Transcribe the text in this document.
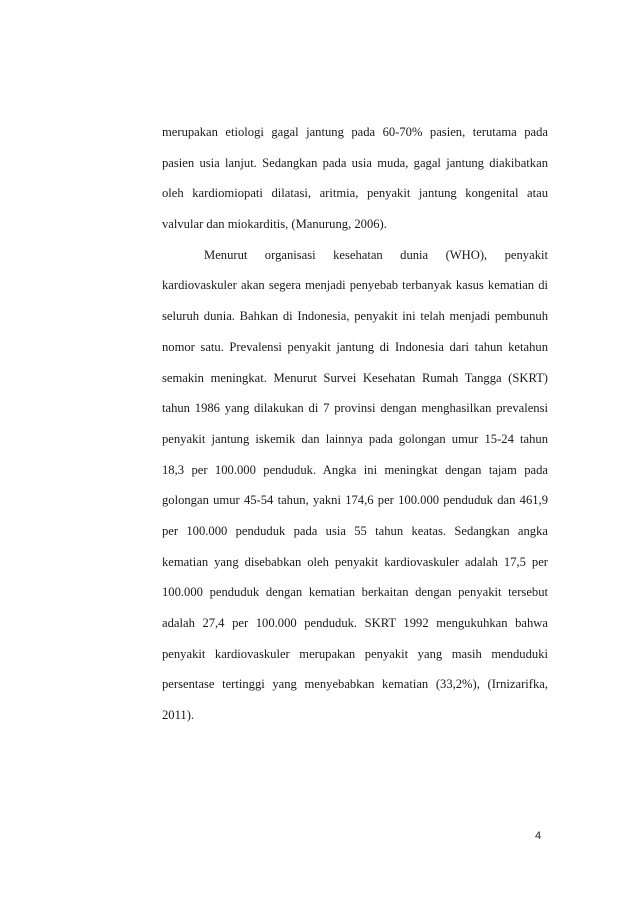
merupakan etiologi gagal jantung pada 60-70% pasien, terutama pada
pasien usia lanjut. Sedangkan pada usia muda, gagal jantung diakibatkan
oleh kardiomiopati dilatasi, aritmia, penyakit jantung kongenital atau
valvular dan miokarditis, (Manurung, 2006).
Menurut organisasi kesehatan dunia (WHO), penyakit
kardiovaskuler akan segera menjadi penyebab terbanyak kasus kematian di
seluruh dunia. Bahkan di Indonesia, penyakit ini telah menjadi pembunuh
nomor satu. Prevalensi penyakit jantung di Indonesia dari tahun ketahun
semakin meningkat. Menurut Survei Kesehatan Rumah Tangga (SKRT)
tahun 1986 yang dilakukan di 7 provinsi dengan menghasilkan prevalensi
penyakit jantung iskemik dan lainnya pada golongan umur 15-24 tahun
18,3 per 100.000 penduduk. Angka ini meningkat dengan tajam pada
golongan umur 45-54 tahun, yakni 174,6 per 100.000 penduduk dan 461,9
per 100.000 penduduk pada usia 55 tahun keatas. Sedangkan angka
kematian yang disebabkan oleh penyakit kardiovaskuler adalah 17,5 per
100.000 penduduk dengan kematian berkaitan dengan penyakit tersebut
adalah 27,4 per 100.000 penduduk. SKRT 1992 mengukuhkan bahwa
penyakit kardiovaskuler merupakan penyakit yang masih menduduki
persentase tertinggi yang menyebabkan kematian (33,2%), (Irnizarifka,
2011).
4
